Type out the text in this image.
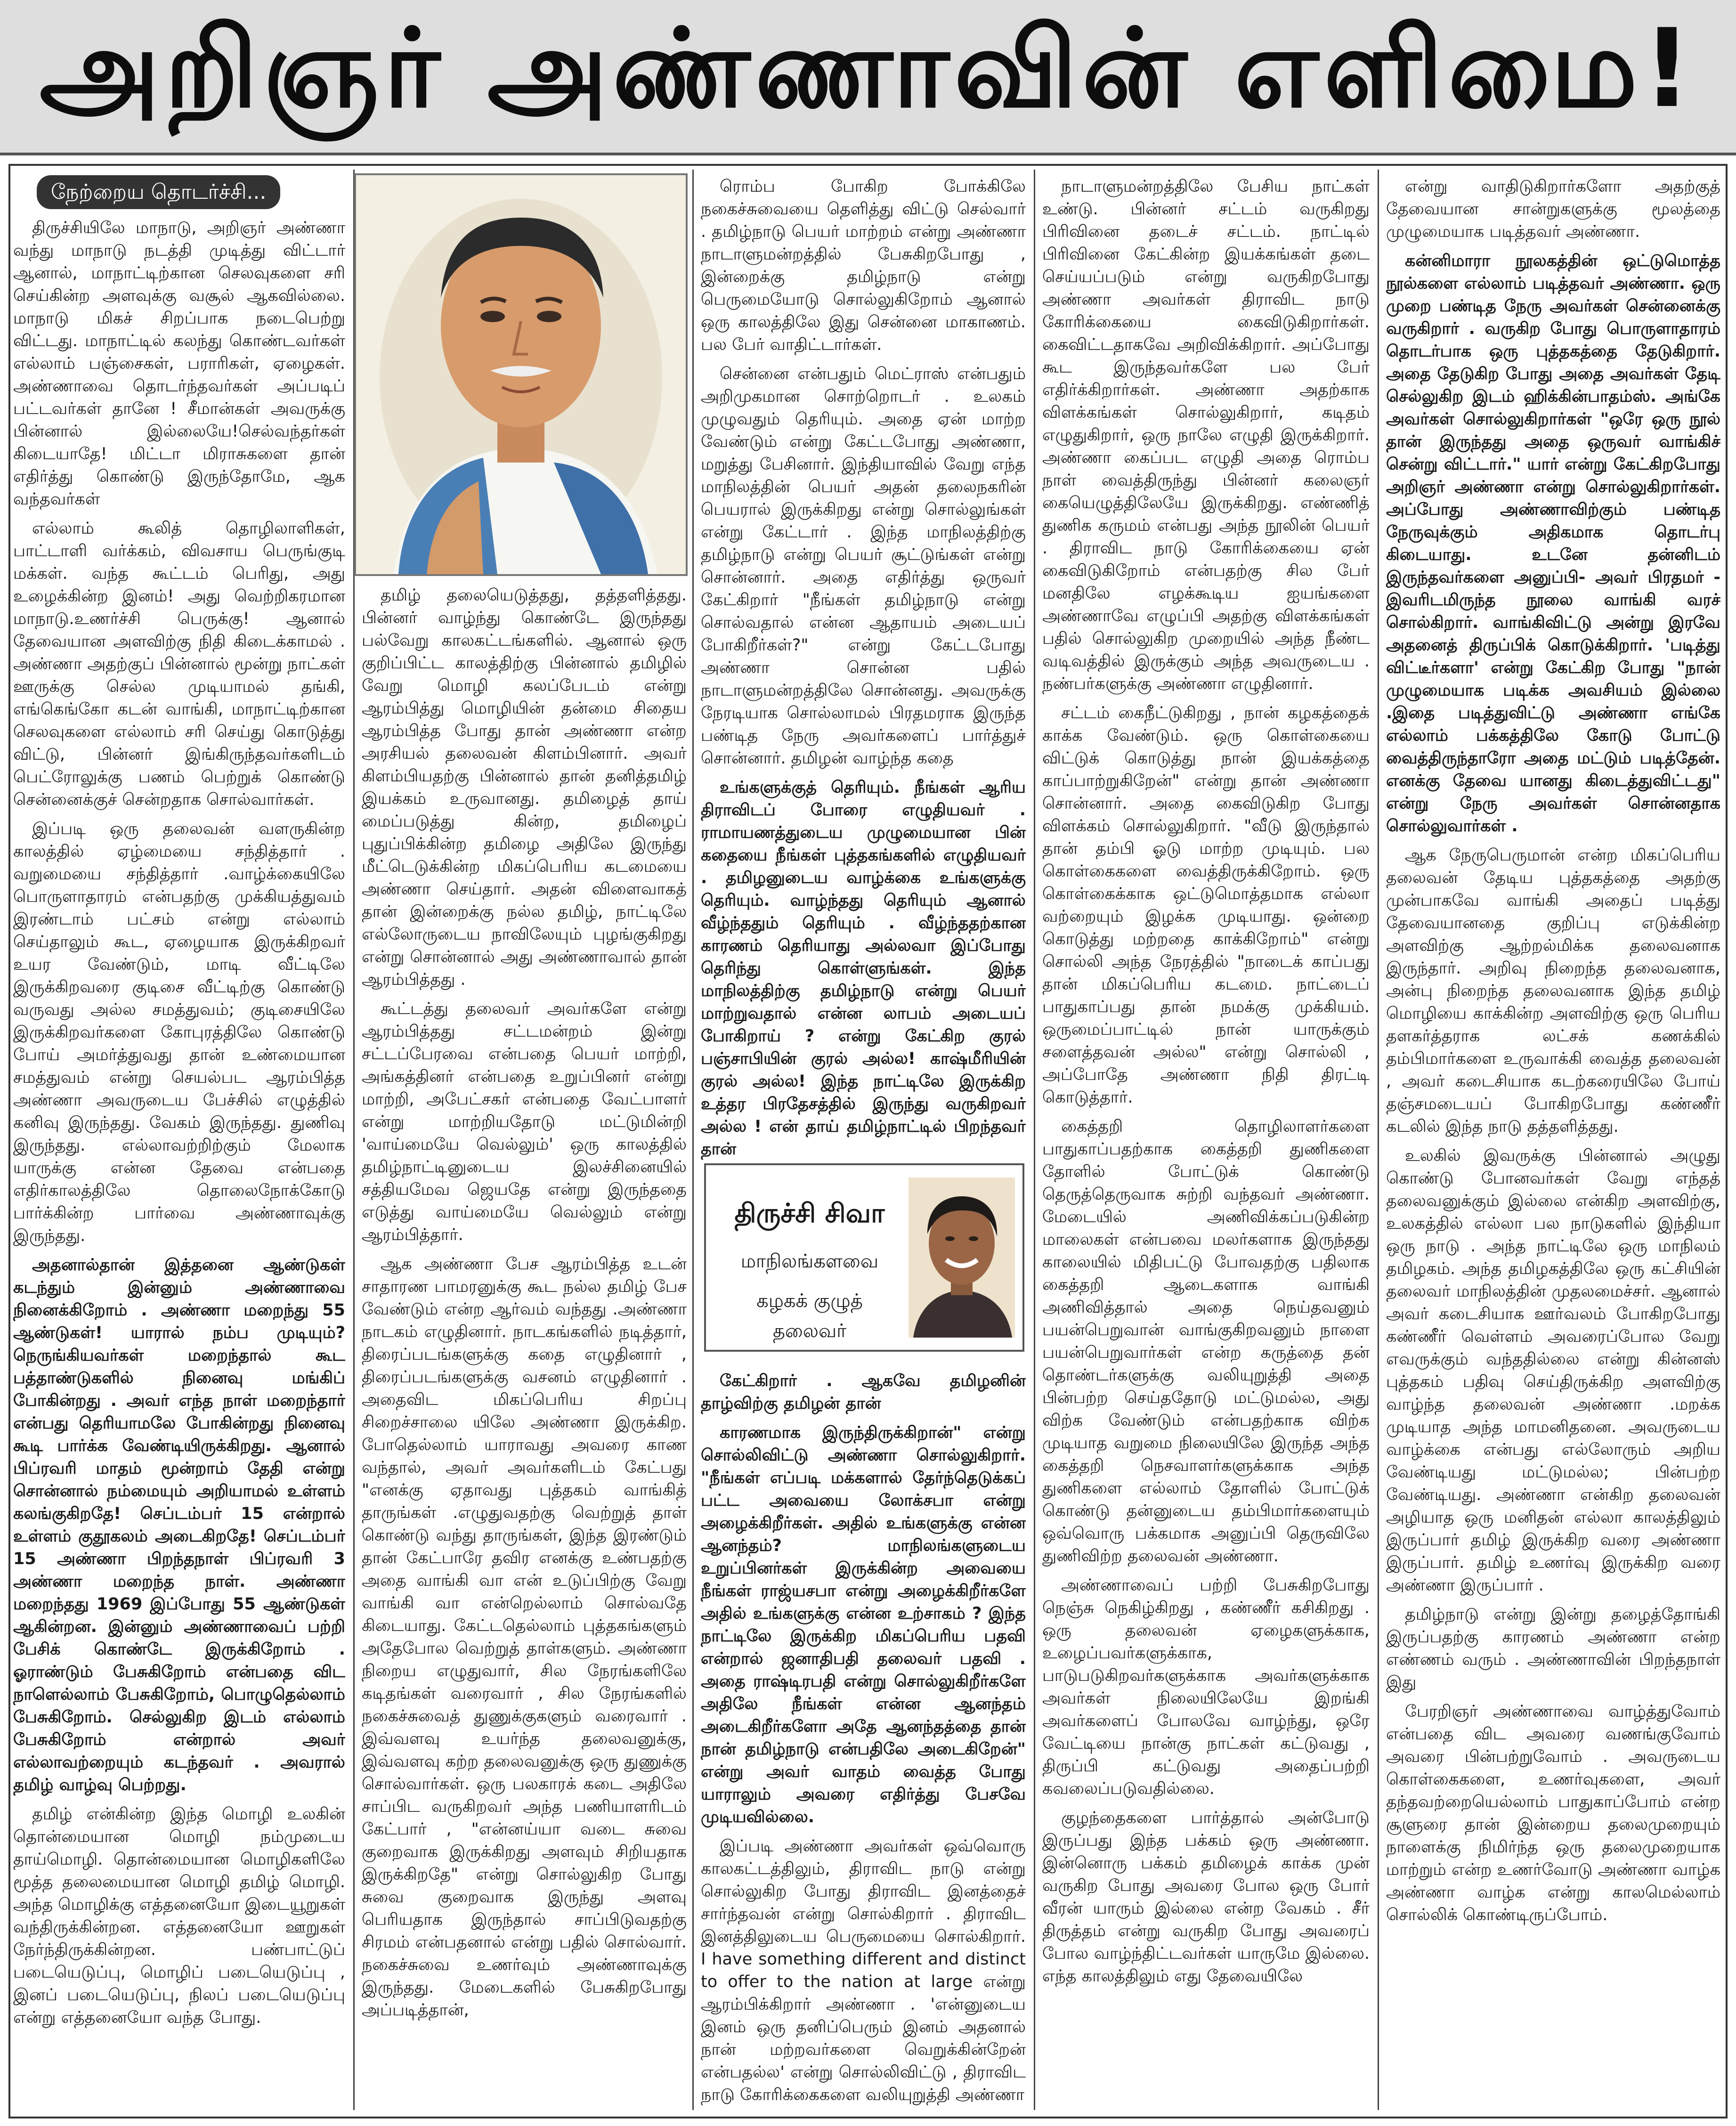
அறிஞர் அண்ணாவின் எளிமை!
திருச்சி சிவா
மாநிலங்களவை
கழகக் குழுத் தலைவர்
நேற்றைய தொடர்ச்சி...

திருச்சியிலே மாநாடு, அறிஞர் அண்ணா வந்து மாநாடு நடத்தி முடித்து விட்டார் ஆனால், மாநாட்டிற்கான செலவுகளை சரி செய்கின்ற அளவுக்கு வசூல் ஆகவில்லை. மாநாடு மிகச் சிறப்பாக நடைபெற்று விட்டது. மாநாட்டில் கலந்து கொண்டவர்கள் எல்லாம் பஞ்சைகள், பராரிகள், ஏழைகள். அண்ணாவை தொடர்ந்தவர்கள் அப்படிப் பட்டவர்கள் தானே ! சீமான்கள் அவருக்கு பின்னால் இல்லையே!செல்வந்தர்கள் கிடையாதே! மிட்டா மிராசுகளை தான் எதிர்த்து கொண்டு இருந்தோமே, ஆக வந்தவர்கள்

எல்லாம் கூலித் தொழிலாளிகள், பாட்டாளி வர்க்கம், விவசாய பெருங்குடி மக்கள். வந்த கூட்டம் பெரிது, அது உழைக்கின்ற இனம்! அது வெற்றிகரமான மாநாடு.உணர்ச்சி பெருக்கு! ஆனால் தேவையான அளவிற்கு நிதி கிடைக்காமல் . அண்ணா அதற்குப் பின்னால் மூன்று நாட்கள் ஊருக்கு செல்ல முடியாமல் தங்கி, எங்கெங்கோ கடன் வாங்கி, மாநாட்டிற்கான செலவுகளை எல்லாம் சரி செய்து கொடுத்து விட்டு, பின்னர் இங்கிருந்தவர்களிடம் பெட்ரோலுக்கு பணம் பெற்றுக் கொண்டு சென்னைக்குச் சென்றதாக சொல்வார்கள்.

இப்படி ஒரு தலைவன் வளருகின்ற காலத்தில் ஏழ்மையை சந்தித்தார் . வறுமையை சந்தித்தார் .வாழ்க்கையிலே பொருளாதாரம் என்பதற்கு முக்கியத்துவம் இரண்டாம் பட்சம் என்று எல்லாம் செய்தாலும் கூட, ஏழையாக இருக்கிறவர் உயர வேண்டும், மாடி வீட்டிலே இருக்கிறவரை குடிசை வீட்டிற்கு கொண்டு வருவது அல்ல சமத்துவம்; குடிசையிலே இருக்கிறவர்களை கோபுரத்திலே கொண்டு போய் அமர்த்துவது தான் உண்மையான சமத்துவம் என்று செயல்பட ஆரம்பித்த அண்ணா அவருடைய பேச்சில் எழுத்தில் கனிவு இருந்தது. வேகம் இருந்தது. துணிவு இருந்தது. எல்லாவற்றிற்கும் மேலாக யாருக்கு என்ன தேவை என்பதை எதிர்காலத்திலே தொலைநோக்கோடு பார்க்கின்ற பார்வை அண்ணாவுக்கு இருந்தது.

அதனால்தான் இத்தனை ஆண்டுகள் கடந்தும் இன்னும் அண்ணாவை நினைக்கிறோம் . அண்ணா மறைந்து 55 ஆண்டுகள்! யாரால் நம்ப முடியும்? நெருங்கியவர்கள் மறைந்தால் கூட பத்தாண்டுகளில் நினைவு மங்கிப் போகின்றது . அவர் எந்த நாள் மறைந்தார் என்பது தெரியாமலே போகின்றது நினைவு கூடி பார்க்க வேண்டியிருக்கிறது. ஆனால் பிப்ரவரி மாதம் மூன்றாம் தேதி என்று சொன்னால் நம்மையும் அறியாமல் உள்ளம் கலங்குகிறதே! செப்டம்பர் 15 என்றால் உள்ளம் குதூகலம் அடைகிறதே! செப்டம்பர் 15 அண்ணா பிறந்தநாள் பிப்ரவரி 3 அண்ணா மறைந்த நாள். அண்ணா மறைந்தது 1969 இப்போது 55 ஆண்டுகள் ஆகின்றன. இன்னும் அண்ணாவைப் பற்றி பேசிக் கொண்டே இருக்கிறோம் . ஓராண்டும் பேசுகிறோம் என்பதை விட நாளெல்லாம் பேசுகிறோம், பொழுதெல்லாம் பேசுகிறோம். செல்லுகிற இடம் எல்லாம் பேசுகிறோம் என்றால் அவர் எல்லாவற்றையும் கடந்தவர் . அவரால் தமிழ் வாழ்வு பெற்றது.

தமிழ் என்கின்ற இந்த மொழி உலகின் தொன்மையான மொழி நம்முடைய தாய்மொழி. தொன்மையான மொழிகளிலே மூத்த தலைமையான மொழி தமிழ் மொழி. அந்த மொழிக்கு எத்தனையோ இடையூறுகள் வந்திருக்கின்றன. எத்தனையோ ஊறுகள் நேர்ந்திருக்கின்றன. பண்பாட்டுப் படையெடுப்பு, மொழிப் படையெடுப்பு , இனப் படையெடுப்பு, நிலப் படையெடுப்பு என்று எத்தனையோ வந்த போது.

தமிழ் தலையெடுத்தது, தத்தளித்தது. பின்னர் வாழ்ந்து கொண்டே இருந்தது பல்வேறு காலகட்டங்களில். ஆனால் ஒரு குறிப்பிட்ட காலத்திற்கு பின்னால் தமிழில் வேறு மொழி கலப்பேடம் என்று ஆரம்பித்து மொழியின் தன்மை சிதைய ஆரம்பித்த போது தான் அண்ணா என்ற அரசியல் தலைவன் கிளம்பினார். அவர் கிளம்பியதற்கு பின்னால் தான் தனித்தமிழ் இயக்கம் உருவானது. தமிழைத் தாய் மைப்படுத்து கின்ற, தமிழைப் புதுப்பிக்கின்ற தமிழை அதிலே இருந்து மீட்டெடுக்கின்ற மிகப்பெரிய கடமையை அண்ணா செய்தார். அதன் விளைவாகத் தான் இன்றைக்கு நல்ல தமிழ், நாட்டிலே எல்லோருடைய நாவிலேயும் புழங்குகிறது என்று சொன்னால் அது அண்ணாவால் தான் ஆரம்பித்தது .

கூட்டத்து தலைவர் அவர்களே என்று ஆரம்பித்தது சட்டமன்றம் இன்று சட்டப்பேரவை என்பதை பெயர் மாற்றி, அங்கத்தினர் என்பதை உறுப்பினர் என்று மாற்றி, அபேட்சகர் என்பதை வேட்பாளர் என்று மாற்றியதோடு மட்டுமின்றி 'வாய்மையே வெல்லும்' ஒரு காலத்தில் தமிழ்நாட்டினுடைய இலச்சினையில் சத்தியமேவ ஜெயதே என்று இருந்ததை எடுத்து வாய்மையே வெல்லும் என்று ஆரம்பித்தார்.

ஆக அண்ணா பேச ஆரம்பித்த உடன் சாதாரண பாமரனுக்கு கூட நல்ல தமிழ் பேச வேண்டும் என்ற ஆர்வம் வந்தது .அண்ணா நாடகம் எழுதினார். நாடகங்களில் நடித்தார், திரைப்படங்களுக்கு கதை எழுதினார் , திரைப்படங்களுக்கு வசனம் எழுதினார் . அதைவிட மிகப்பெரிய சிறப்பு சிறைச்சாலை யிலே அண்ணா இருக்கிற. போதெல்லாம் யாராவது அவரை காண வந்தால், அவர் அவர்களிடம் கேட்பது "எனக்கு ஏதாவது புத்தகம் வாங்கித் தாருங்கள் .எழுதுவதற்கு வெற்றுத் தாள் கொண்டு வந்து தாருங்கள், இந்த இரண்டும் தான் கேட்பாரே தவிர எனக்கு உண்பதற்கு அதை வாங்கி வா என் உடுப்பிற்கு வேறு வாங்கி வா என்றெல்லாம் சொல்வதே கிடையாது. கேட்டதெல்லாம் புத்தகங்களும் அதேபோல வெற்றுத் தாள்களும். அண்ணா நிறைய எழுதுவார், சில நேரங்களிலே கடிதங்கள் வரைவார் , சில நேரங்களில் நகைச்சுவைத் துணுக்குகளும் வரைவார் . இவ்வளவு உயர்ந்த தலைவனுக்கு, இவ்வளவு கற்ற தலைவனுக்கு ஒரு துணுக்கு சொல்வார்கள். ஒரு பலகாரக் கடை அதிலே சாப்பிட வருகிறவர் அந்த பணியாளரிடம் கேட்பார் , "என்னய்யா வடை சுவை குறைவாக இருக்கிறது அளவும் சிறியதாக இருக்கிறதே" என்று சொல்லுகிற போது சுவை குறைவாக இருந்து அளவு பெரியதாக இருந்தால் சாப்பிடுவதற்கு சிரமம் என்பதனால் என்று பதில் சொல்வார். நகைச்சுவை உணர்வும் அண்ணாவுக்கு இருந்தது. மேடைகளில் பேசுகிறபோது அப்படித்தான்,

ரொம்ப போகிற போக்கிலே நகைச்சுவையை தெளித்து விட்டு செல்வார் . தமிழ்நாடு பெயர் மாற்றம் என்று அண்ணா நாடாளுமன்றத்தில் பேசுகிறபோது , இன்றைக்கு தமிழ்நாடு என்று பெருமையோடு சொல்லுகிறோம் ஆனால் ஒரு காலத்திலே இது சென்னை மாகாணம். பல பேர் வாதிட்டார்கள்.

சென்னை என்பதும் மெட்ராஸ் என்பதும் அறிமுகமான சொற்றொடர் . உலகம் முழுவதும் தெரியும். அதை ஏன் மாற்ற வேண்டும் என்று கேட்டபோது அண்ணா, மறுத்து பேசினார். இந்தியாவில் வேறு எந்த மாநிலத்தின் பெயர் அதன் தலைநகரின் பெயரால் இருக்கிறது என்று சொல்லுங்கள் என்று கேட்டார் . இந்த மாநிலத்திற்கு தமிழ்நாடு என்று பெயர் சூட்டுங்கள் என்று சொன்னார். அதை எதிர்த்து ஒருவர் கேட்கிறார் "நீங்கள் தமிழ்நாடு என்று சொல்வதால் என்ன ஆதாயம் அடையப் போகிறீர்கள்?" என்று கேட்டபோது அண்ணா சொன்ன பதில் நாடாளுமன்றத்திலே சொன்னது. அவருக்கு நேரடியாக சொல்லாமல் பிரதமராக இருந்த பண்டித நேரு அவர்களைப் பார்த்துச் சொன்னார். தமிழன் வாழ்ந்த கதை

உங்களுக்குத் தெரியும். நீங்கள் ஆரிய திராவிடப் போரை எழுதியவர் . ராமாயணத்துடைய முழுமையான பின் கதையை நீங்கள் புத்தகங்களில் எழுதியவர் . தமிழனுடைய வாழ்க்கை உங்களுக்கு தெரியும். வாழ்ந்தது தெரியும் ஆனால் வீழ்ந்ததும் தெரியும் . வீழ்ந்ததற்கான காரணம் தெரியாது அல்லவா இப்போது தெரிந்து கொள்ளுங்கள். இந்த மாநிலத்திற்கு தமிழ்நாடு என்று பெயர் மாற்றுவதால் என்ன லாபம் அடையப் போகிறாய் ? என்று கேட்கிற குரல் பஞ்சாபியின் குரல் அல்ல! காஷ்மீரியின் குரல் அல்ல! இந்த நாட்டிலே இருக்கிற உத்தர பிரதேசத்தில் இருந்து வருகிறவர் அல்ல ! என் தாய் தமிழ்நாட்டில் பிறந்தவர் தான்

கேட்கிறார் . ஆகவே தமிழனின் தாழ்விற்கு தமிழன் தான்

காரணமாக இருந்திருக்கிறான்" என்று சொல்லிவிட்டு அண்ணா சொல்லுகிறார். "நீங்கள் எப்படி மக்களால் தேர்ந்தெடுக்கப் பட்ட அவையை லோக்சபா என்று அழைக்கிறீர்கள். அதில் உங்களுக்கு என்ன ஆனந்தம்? மாநிலங்களுடைய உறுப்பினர்கள் இருக்கின்ற அவையை நீங்கள் ராஜ்யசபா என்று அழைக்கிறீர்களே அதில் உங்களுக்கு என்ன உற்சாகம் ? இந்த நாட்டிலே இருக்கிற மிகப்பெரிய பதவி என்றால் ஜனாதிபதி தலைவர் பதவி . அதை ராஷ்டிரபதி என்று சொல்லுகிறீர்களே அதிலே நீங்கள் என்ன ஆனந்தம் அடைகிறீர்களோ அதே ஆனந்தத்தை தான் நான் தமிழ்நாடு என்பதிலே அடைகிறேன்" என்று அவர் வாதம் வைத்த போது யாராலும் அவரை எதிர்த்து பேசவே முடியவில்லை.

இப்படி அண்ணா அவர்கள் ஒவ்வொரு காலகட்டத்திலும், திராவிட நாடு என்று சொல்லுகிற போது திராவிட இனத்தைச் சார்ந்தவன் என்று சொல்கிறார் . திராவிட இனத்திலுடைய பெருமையை சொல்கிறார். I have something different and distinct to offer to the nation at large என்று ஆரம்பிக்கிறார் அண்ணா . 'என்னுடைய இனம் ஒரு தனிப்பெரும் இனம் அதனால் நான் மற்றவர்களை வெறுக்கின்றேன் என்பதல்ல' என்று சொல்லிவிட்டு , திராவிட நாடு கோரிக்கைகளை வலியுறுத்தி அண்ணா

நாடாளுமன்றத்திலே பேசிய நாட்கள் உண்டு. பின்னர் சட்டம் வருகிறது பிரிவினை தடைச் சட்டம். நாட்டில் பிரிவினை கேட்கின்ற இயக்கங்கள் தடை செய்யப்படும் என்று வருகிறபோது அண்ணா அவர்கள் திராவிட நாடு கோரிக்கையை கைவிடுகிறார்கள். கைவிட்டதாகவே அறிவிக்கிறார். அப்போது கூட இருந்தவர்களே பல பேர் எதிர்க்கிறார்கள். அண்ணா அதற்காக விளக்கங்கள் சொல்லுகிறார், கடிதம் எழுதுகிறார், ஒரு நாலே எழுதி இருக்கிறார். அண்ணா கைப்பட எழுதி அதை ரொம்ப நாள் வைத்திருந்து பின்னர் கலைஞர் கையெழுத்திலேயே இருக்கிறது. எண்ணித் துணிக கருமம் என்பது அந்த நூலின் பெயர் . திராவிட நாடு கோரிக்கையை ஏன் கைவிடுகிறோம் என்பதற்கு சில பேர் மனதிலே எழக்கூடிய ஐயங்களை அண்ணாவே எழுப்பி அதற்கு விளக்கங்கள் பதில் சொல்லுகிற முறையில் அந்த நீண்ட வடிவத்தில் இருக்கும் அந்த அவருடைய . நண்பர்களுக்கு அண்ணா எழுதினார்.

சட்டம் கைநீட்டுகிறது , நான் கழகத்தைக் காக்க வேண்டும். ஒரு கொள்கையை விட்டுக் கொடுத்து நான் இயக்கத்தை காப்பாற்றுகிறேன்" என்று தான் அண்ணா சொன்னார். அதை கைவிடுகிற போது விளக்கம் சொல்லுகிறார். "வீடு இருந்தால் தான் தம்பி ஓடு மாற்ற முடியும். பல கொள்கைகளை வைத்திருக்கிறோம். ஒரு கொள்கைக்காக ஒட்டுமொத்தமாக எல்லா வற்றையும் இழக்க முடியாது. ஒன்றை கொடுத்து மற்றதை காக்கிறோம்" என்று சொல்லி அந்த நேரத்தில் "நாடைக் காப்பது தான் மிகப்பெரிய கடமை. நாட்டைப் பாதுகாப்பது தான் நமக்கு முக்கியம். ஒருமைப்பாட்டில் நான் யாருக்கும் சளைத்தவன் அல்ல" என்று சொல்லி , அப்போதே அண்ணா நிதி திரட்டி கொடுத்தார்.

கைத்தறி தொழிலாளர்களை பாதுகாப்பதற்காக கைத்தறி துணிகளை தோளில் போட்டுக் கொண்டு தெருத்தெருவாக சுற்றி வந்தவர் அண்ணா. மேடையில் அணிவிக்கப்படுகின்ற மாலைகள் என்பவை மலர்களாக இருந்தது காலையில் மிதிபட்டு போவதற்கு பதிலாக கைத்தறி ஆடைகளாக வாங்கி அணிவித்தால் அதை நெய்தவனும் பயன்பெறுவான் வாங்குகிறவனும் நாளை பயன்பெறுவார்கள் என்ற கருத்தை தன் தொண்டர்களுக்கு வலியுறுத்தி அதை பின்பற்ற செய்ததோடு மட்டுமல்ல, அது விற்க வேண்டும் என்பதற்காக விற்க முடியாத வறுமை நிலையிலே இருந்த அந்த கைத்தறி நெசவாளர்களுக்காக அந்த துணிகளை எல்லாம் தோளில் போட்டுக் கொண்டு தன்னுடைய தம்பிமார்களையும் ஒவ்வொரு பக்கமாக அனுப்பி தெருவிலே துணிவிற்ற தலைவன் அண்ணா.

அண்ணாவைப் பற்றி பேசுகிறபோது நெஞ்சு நெகிழ்கிறது , கண்ணீர் கசிகிறது . ஒரு தலைவன் ஏழைகளுக்காக, உழைப்பவர்களுக்காக, பாடுபடுகிறவர்களுக்காக அவர்களுக்காக அவர்கள் நிலையிலேயே இறங்கி அவர்களைப் போலவே வாழ்ந்து, ஒரே வேட்டியை நான்கு நாட்கள் கட்டுவது , திருப்பி கட்டுவது அதைப்பற்றி கவலைப்படுவதில்லை.

குழந்தைகளை பார்த்தால் அன்போடு இருப்பது இந்த பக்கம் ஒரு அண்ணா. இன்னொரு பக்கம் தமிழைக் காக்க முன் வருகிற போது அவரை போல ஒரு போர் வீரன் யாரும் இல்லை என்ற வேகம் . சீர் திருத்தம் என்று வருகிற போது அவரைப் போல வாழ்ந்திட்டவர்கள் யாருமே இல்லை. எந்த காலத்திலும் எது தேவையிலே

என்று வாதிடுகிறார்களோ அதற்குத் தேவையான சான்றுகளுக்கு மூலத்தை முழுமையாக படித்தவர் அண்ணா.

கன்னிமாரா நூலகத்தின் ஒட்டுமொத்த நூல்களை எல்லாம் படித்தவர் அண்ணா. ஒரு முறை பண்டித நேரு அவர்கள் சென்னைக்கு வருகிறார் . வருகிற போது பொருளாதாரம் தொடர்பாக ஒரு புத்தகத்தை தேடுகிறார். அதை தேடுகிற போது அதை அவர்கள் தேடி செல்லுகிற இடம் ஹிக்கின்பாதம்ஸ். அங்கே அவர்கள் சொல்லுகிறார்கள் "ஒரே ஒரு நூல் தான் இருந்தது அதை ஒருவர் வாங்கிச் சென்று விட்டார்." யார் என்று கேட்கிறபோது அறிஞர் அண்ணா என்று சொல்லுகிறார்கள். அப்போது அண்ணாவிற்கும் பண்டித நேருவுக்கும் அதிகமாக தொடர்பு கிடையாது. உடனே தன்னிடம் இருந்தவர்களை அனுப்பி- அவர் பிரதமர் - இவரிடமிருந்த நூலை வாங்கி வரச் சொல்கிறார். வாங்கிவிட்டு அன்று இரவே அதனைத் திருப்பிக் கொடுக்கிறார். 'படித்து விட்டீர்களா' என்று கேட்கிற போது "நான் முழுமையாக படிக்க அவசியம் இல்லை .இதை படித்துவிட்டு அண்ணா எங்கே எல்லாம் பக்கத்திலே கோடு போட்டு வைத்திருந்தாரோ அதை மட்டும் படித்தேன். எனக்கு தேவை யானது கிடைத்துவிட்டது" என்று நேரு அவர்கள் சொன்னதாக சொல்லுவார்கள் .

ஆக நேருபெருமான் என்ற மிகப்பெரிய தலைவன் தேடிய புத்தகத்தை அதற்கு முன்பாகவே வாங்கி அதைப் படித்து தேவையானதை குறிப்பு எடுக்கின்ற அளவிற்கு ஆற்றல்மிக்க தலைவனாக இருந்தார். அறிவு நிறைந்த தலைவனாக, அன்பு நிறைந்த தலைவனாக இந்த தமிழ் மொழியை காக்கின்ற அளவிற்கு ஒரு பெரிய தளகர்த்தராக லட்சக் கணக்கில் தம்பிமார்களை உருவாக்கி வைத்த தலைவன் , அவர் கடைசியாக கடற்கரையிலே போய் தஞ்சமடையப் போகிறபோது கண்ணீர் கடலில் இந்த நாடு தத்தளித்தது.

உலகில் இவருக்கு பின்னால் அழுது கொண்டு போனவர்கள் வேறு எந்தத் தலைவனுக்கும் இல்லை என்கிற அளவிற்கு, உலகத்தில் எல்லா பல நாடுகளில் இந்தியா ஒரு நாடு . அந்த நாட்டிலே ஒரு மாநிலம் தமிழகம். அந்த தமிழகத்திலே ஒரு கட்சியின் தலைவர் மாநிலத்தின் முதலமைச்சர். ஆனால் அவர் கடைசியாக ஊர்வலம் போகிறபோது கண்ணீர் வெள்ளம் அவரைப்போல வேறு எவருக்கும் வந்ததில்லை என்று கின்னஸ் புத்தகம் பதிவு செய்திருக்கிற அளவிற்கு வாழ்ந்த தலைவன் அண்ணா .மறக்க முடியாத அந்த மாமனிதனை. அவருடைய வாழ்க்கை என்பது எல்லோரும் அறிய வேண்டியது மட்டுமல்ல; பின்பற்ற வேண்டியது. அண்ணா என்கிற தலைவன் அழியாத ஒரு மனிதன் எல்லா காலத்திலும் இருப்பார் தமிழ் இருக்கிற வரை அண்ணா இருப்பார். தமிழ் உணர்வு இருக்கிற வரை அண்ணா இருப்பார் .

தமிழ்நாடு என்று இன்று தழைத்தோங்கி இருப்பதற்கு காரணம் அண்ணா என்ற எண்ணம் வரும் . அண்ணாவின் பிறந்தநாள் இது

பேரறிஞர் அண்ணாவை வாழ்த்துவோம் என்பதை விட அவரை வணங்குவோம் அவரை பின்பற்றுவோம் . அவருடைய கொள்கைகளை, உணர்வுகளை, அவர் தந்தவற்றையெல்லாம் பாதுகாப்போம் என்ற சூளுரை தான் இன்றைய தலைமுறையும் நாளைக்கு நிமிர்ந்த ஒரு தலைமுறையாக மாற்றும் என்ற உணர்வோடு அண்ணா வாழ்க அண்ணா வாழ்க என்று காலமெல்லாம் சொல்லிக் கொண்டிருப்போம்.
